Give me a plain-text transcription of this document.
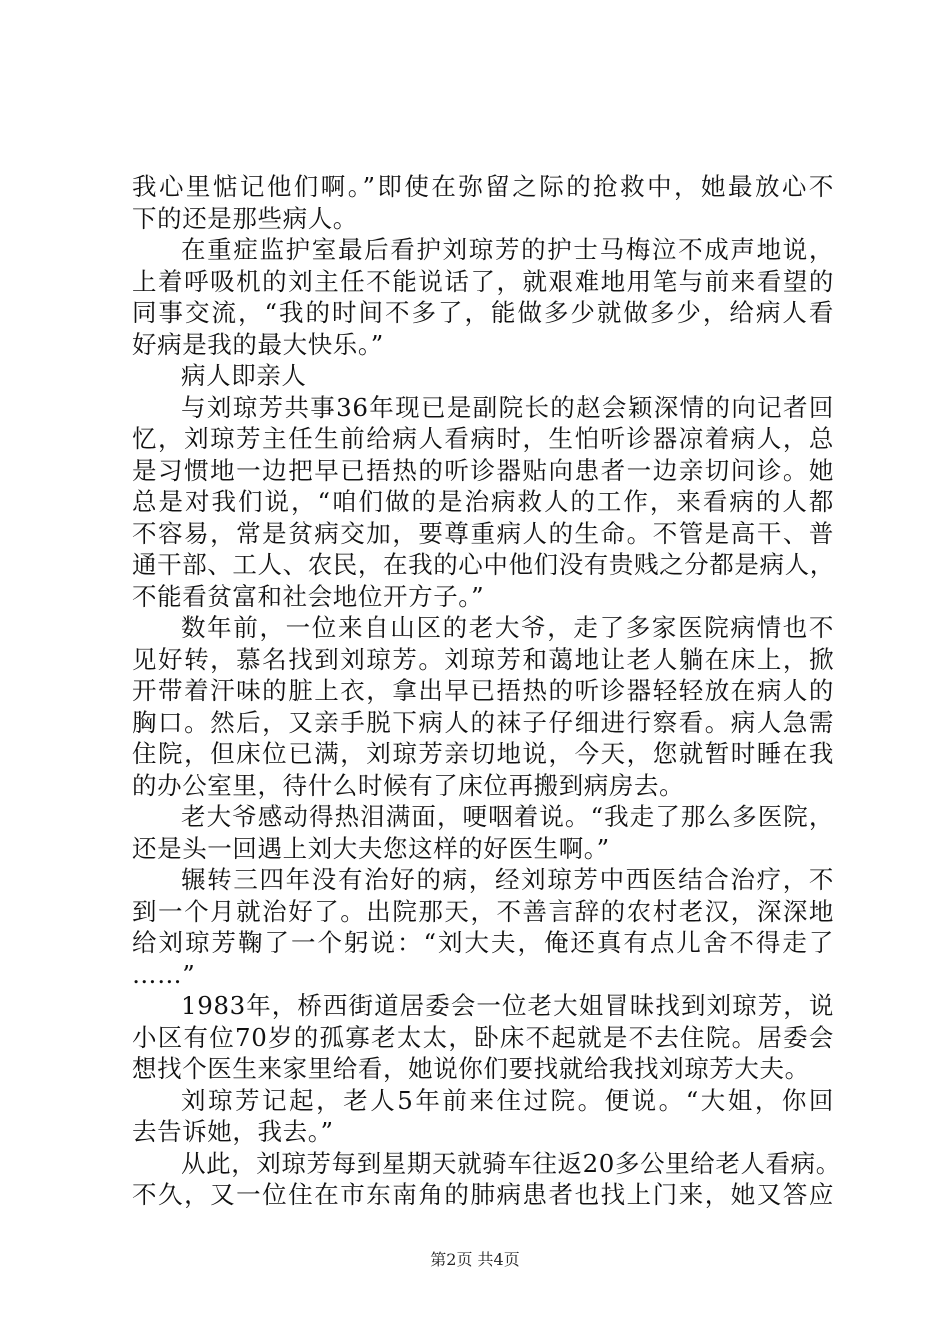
我心里惦记他们啊。”即使在弥留之际的抢救中，她最放心不
下的还是那些病人。
在重症监护室最后看护刘琼芳的护士马梅泣不成声地说，
上着呼吸机的刘主任不能说话了，就艰难地用笔与前来看望的
同事交流，“我的时间不多了，能做多少就做多少，给病人看
好病是我的最大快乐。”
病人即亲人
与刘琼芳共事36年现已是副院长的赵会颖深情的向记者回
忆，刘琼芳主任生前给病人看病时，生怕听诊器凉着病人，总
是习惯地一边把早已捂热的听诊器贴向患者一边亲切问诊。她
总是对我们说，“咱们做的是治病救人的工作，来看病的人都
不容易，常是贫病交加，要尊重病人的生命。不管是高干、普
通干部、工人、农民，在我的心中他们没有贵贱之分都是病人，
不能看贫富和社会地位开方子。”
数年前，一位来自山区的老大爷，走了多家医院病情也不
见好转，慕名找到刘琼芳。刘琼芳和蔼地让老人躺在床上，掀
开带着汗味的脏上衣，拿出早已捂热的听诊器轻轻放在病人的
胸口。然后，又亲手脱下病人的袜子仔细进行察看。病人急需
住院，但床位已满，刘琼芳亲切地说，今天，您就暂时睡在我
的办公室里，待什么时候有了床位再搬到病房去。
老大爷感动得热泪满面，哽咽着说。“我走了那么多医院，
还是头一回遇上刘大夫您这样的好医生啊。”
辗转三四年没有治好的病，经刘琼芳中西医结合治疗，不
到一个月就治好了。出院那天，不善言辞的农村老汉，深深地
给刘琼芳鞠了一个躬说：“刘大夫，俺还真有点儿舍不得走了
……”
1983年，桥西街道居委会一位老大姐冒昧找到刘琼芳，说
小区有位70岁的孤寡老太太，卧床不起就是不去住院。居委会
想找个医生来家里给看，她说你们要找就给我找刘琼芳大夫。
刘琼芳记起，老人5年前来住过院。便说。“大姐，你回
去告诉她，我去。”
从此，刘琼芳每到星期天就骑车往返20多公里给老人看病。
不久，又一位住在市东南角的肺病患者也找上门来，她又答应
第2页 共4页
